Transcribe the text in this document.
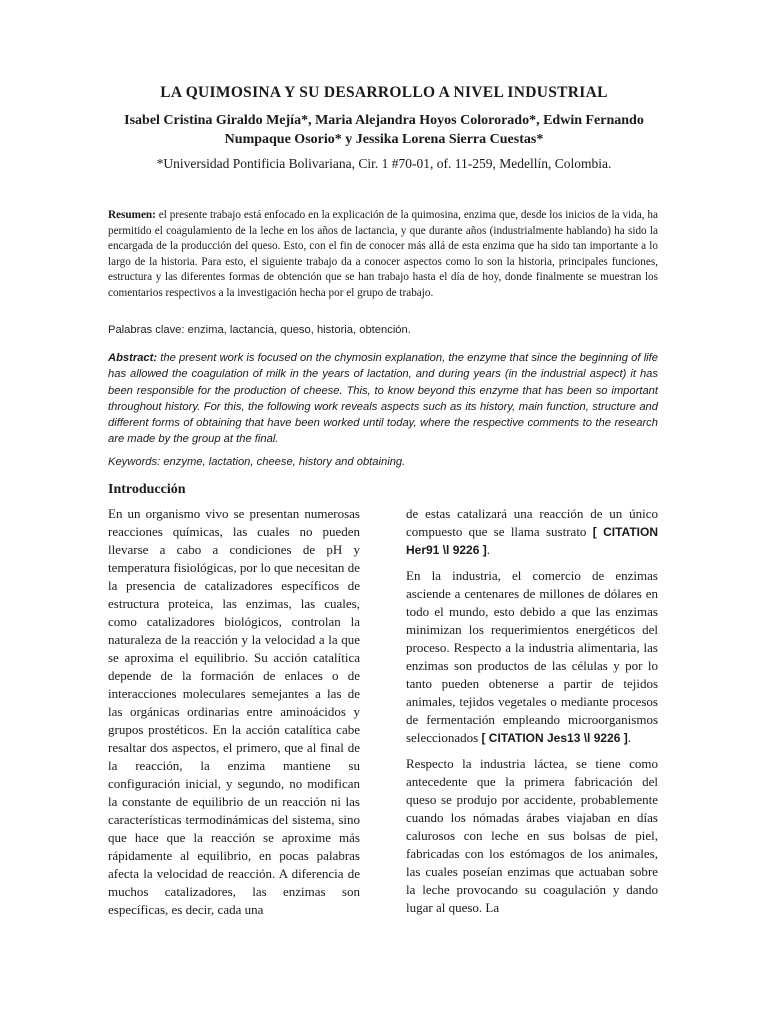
LA QUIMOSINA Y SU DESARROLLO A NIVEL INDUSTRIAL
Isabel Cristina Giraldo Mejía*, Maria Alejandra Hoyos Colororado*, Edwin Fernando Numpaque Osorio* y Jessika Lorena Sierra Cuestas*
*Universidad Pontificia Bolivariana, Cir. 1 #70-01, of. 11-259, Medellín, Colombia.
Resumen: el presente trabajo está enfocado en la explicación de la quimosina, enzima que, desde los inicios de la vida, ha permitido el coagulamiento de la leche en los años de lactancia, y que durante años (industrialmente hablando) ha sido la encargada de la producción del queso. Esto, con el fin de conocer más allá de esta enzima que ha sido tan importante a lo largo de la historia. Para esto, el siguiente trabajo da a conocer aspectos como lo son la historia, principales funciones, estructura y las diferentes formas de obtención que se han trabajo hasta el día de hoy, donde finalmente se muestran los comentarios respectivos a la investigación hecha por el grupo de trabajo.
Palabras clave: enzima, lactancia, queso, historia, obtención.
Abstract: the present work is focused on the chymosin explanation, the enzyme that since the beginning of life has allowed the coagulation of milk in the years of lactation, and during years (in the industrial aspect) it has been responsible for the production of cheese. This, to know beyond this enzyme that has been so important throughout history. For this, the following work reveals aspects such as its history, main function, structure and different forms of obtaining that have been worked until today, where the respective comments to the research are made by the group at the final.
Keywords: enzyme, lactation, cheese, history and obtaining.
Introducción

En un organismo vivo se presentan numerosas reacciones químicas, las cuales no pueden llevarse a cabo a condiciones de pH y temperatura fisiológicas, por lo que necesitan de la presencia de catalizadores específicos de estructura proteica, las enzimas, las cuales, como catalizadores biológicos, controlan la naturaleza de la reacción y la velocidad a la que se aproxima el equilibrio. Su acción catalítica depende de la formación de enlaces o de interacciones moleculares semejantes a las de las orgánicas ordinarias entre aminoácidos y grupos prostéticos. En la acción catalítica cabe resaltar dos aspectos, el primero, que al final de la reacción, la enzima mantiene su configuración inicial, y segundo, no modifican la constante de equilibrio de un reacción ni las características termodinámicas del sistema, sino que hace que la reacción se aproxime más rápidamente al equilibrio, en pocas palabras afecta la velocidad de reacción. A diferencia de muchos catalizadores, las enzimas son específicas, es decir, cada una

de estas catalizará una reacción de un único compuesto que se llama sustrato [ CITATION Her91 \l 9226 ].

En la industria, el comercio de enzimas asciende a centenares de millones de dólares en todo el mundo, esto debido a que las enzimas minimizan los requerimientos energéticos del proceso. Respecto a la industria alimentaria, las enzimas son productos de las células y por lo tanto pueden obtenerse a partir de tejidos animales, tejidos vegetales o mediante procesos de fermentación empleando microorganismos seleccionados [ CITATION Jes13 \l 9226 ].

Respecto la industria láctea, se tiene como antecedente que la primera fabricación del queso se produjo por accidente, probablemente cuando los nómadas árabes viajaban en días calurosos con leche en sus bolsas de piel, fabricadas con los estómagos de los animales, las cuales poseían enzimas que actuaban sobre la leche provocando su coagulación y dando lugar al queso. La
